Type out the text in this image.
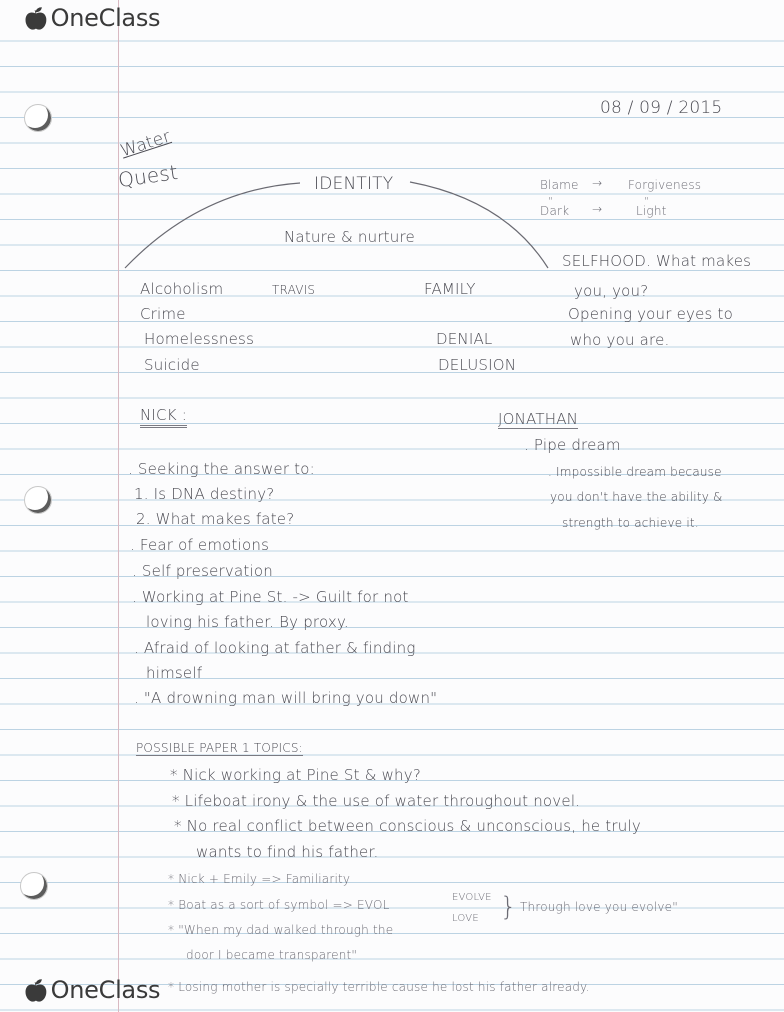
🍎︎OneClass
🍎︎OneClass
08 / 09 / 2015
Water
Quest	IDENTITY
Nature & nurture
Blame → Forgiveness
"	"
Dark →	Light
Alcoholism
Crime
Homelessness
Suicide
TRAVIS	FAMILY
DENIAL
DELUSION
SELFHOOD. What makes
you, you?
Opening your eyes to
who you are.
NICK :
. Seeking the answer to:
1. Is DNA destiny?
2. What makes fate?
. Fear of emotions
. Self preservation
. Working at Pine St. -> Guilt for not
loving his father. By proxy.
. Afraid of looking at father & finding
himself
. "A drowning man will bring you down"
JONATHAN
. Pipe dream
. Impossible dream because
you don't have the ability &
strength to achieve it.
POSSIBLE PAPER 1 TOPICS:
* Nick working at Pine St & why?
* Lifeboat irony & the use of water throughout novel.
* No real conflict between conscious & unconscious, he truly
wants to find his father.
* Nick + Emily => Familiarity
* Boat as a sort of symbol => EVOL
EVOLVE
LOVE } Through love you evolve"
* "When my dad walked through the
door I became transparent"
* Losing mother is specially terrible cause he lost his father already.
